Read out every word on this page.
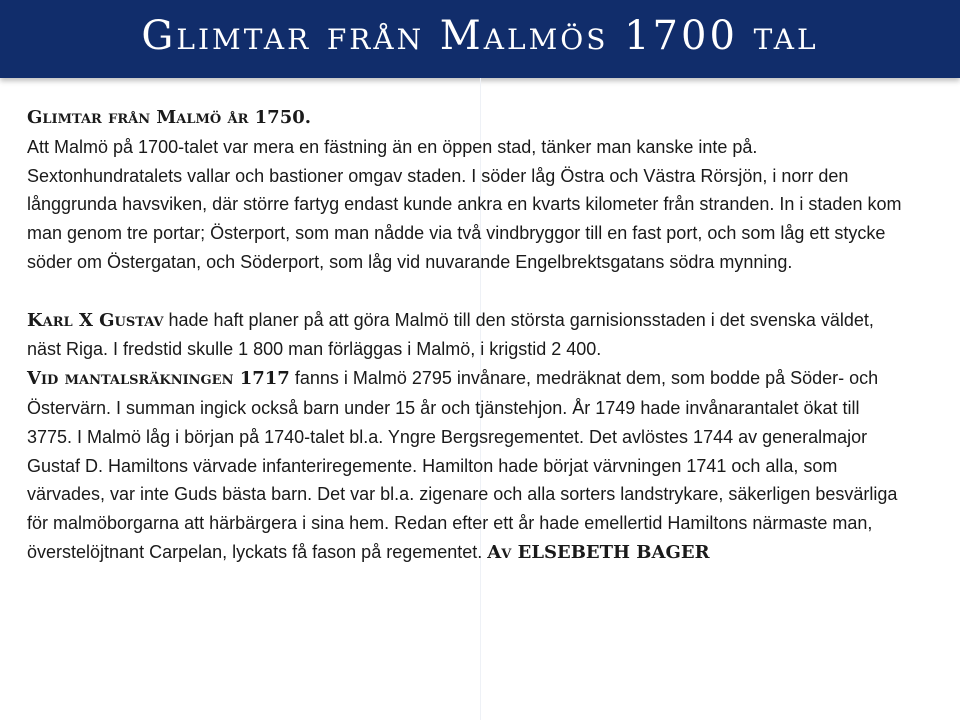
Glimtar från Malmös 1700 tal

Glimtar från Malmö år 1750.
Att Malmö på 1700-talet var mera en fästning än en öppen stad, tänker man kanske inte på. Sextonhundratalets vallar och bastioner omgav staden. I söder låg Östra och Västra Rörsjön, i norr den långgrunda havsviken, där större fartyg endast kunde ankra en kvarts kilometer från stranden. In i staden kom man genom tre portar; Österport, som man nådde via två vindbryggor till en fast port, och som låg ett stycke söder om Östergatan, och Söderport, som låg vid nuvarande Engelbrektsgatans södra mynning.

Karl X Gustav hade haft planer på att göra Malmö till den största garnisionsstaden i det svenska väldet, näst Riga. I fredstid skulle 1 800 man förläggas i Malmö, i krigstid 2 400.

Vid mantalsräkningen 1717 fanns i Malmö 2795 invånare, medräknat dem, som bodde på Söder- och Östervärn. I summan ingick också barn under 15 år och tjänstehjon. År 1749 hade invånarantalet ökat till 3775. I Malmö låg i början på 1740-talet bl.a. Yngre Bergsregementet. Det avlöstes 1744 av generalmajor Gustaf D. Hamiltons värvade infanteriregemente. Hamilton hade börjat värvningen 1741 och alla, som värvades, var inte Guds bästa barn. Det var bl.a. zigenare och alla sorters landstrykare, säkerligen besvärliga för malmöborgarna att härbärgera i sina hem. Redan efter ett år hade emellertid Hamiltons närmaste man, överstelöjtnant Carpelan, lyckats få fason på regementet. Av ELSEBETH BAGER
